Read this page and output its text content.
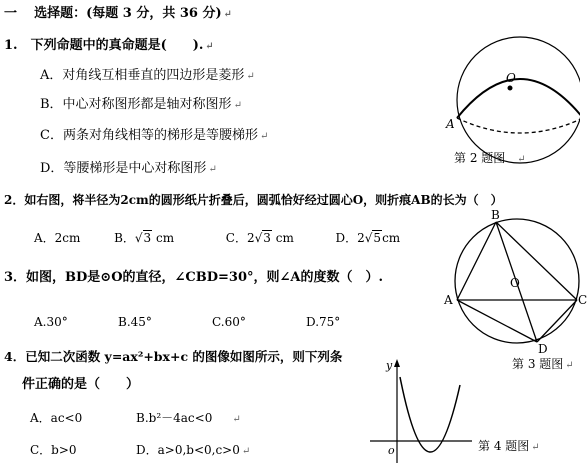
一 选择题：(每题 3 分，共 36 分) ↵
1.　下列命题中的真命题是(　　). ↵
A．对角线互相垂直的四边形是菱形 ↵
B．中心对称图形都是轴对称图形 ↵
C．两条对角线相等的梯形是等腰梯形 ↵
D．等腰梯形是中心对称图形 ↵
2．如右图，将半径为2cm的圆形纸片折叠后，圆弧恰好经过圆心O，则折痕AB的长为（　）
A．2cm	B．√3 cm	C．2√3 cm	D．2√5cm
3．如图，BD是⊙O的直径，∠CBD=30°，则∠A的度数（　）.
A.30°	B.45°	C.60°	D.75°
4．已知二次函数 y=ax²+bx+c 的图像如图所示，则下列条
件正确的是（　　）
A．ac<0	B.b²－4ac<0 ↵
C．b>0	D．a>0,b<0,c>0 ↵
O
A
第 2 题图 ↵
B
A	C
D
O
第 3 题图 ↵
y
o	第 4 题图 ↵
